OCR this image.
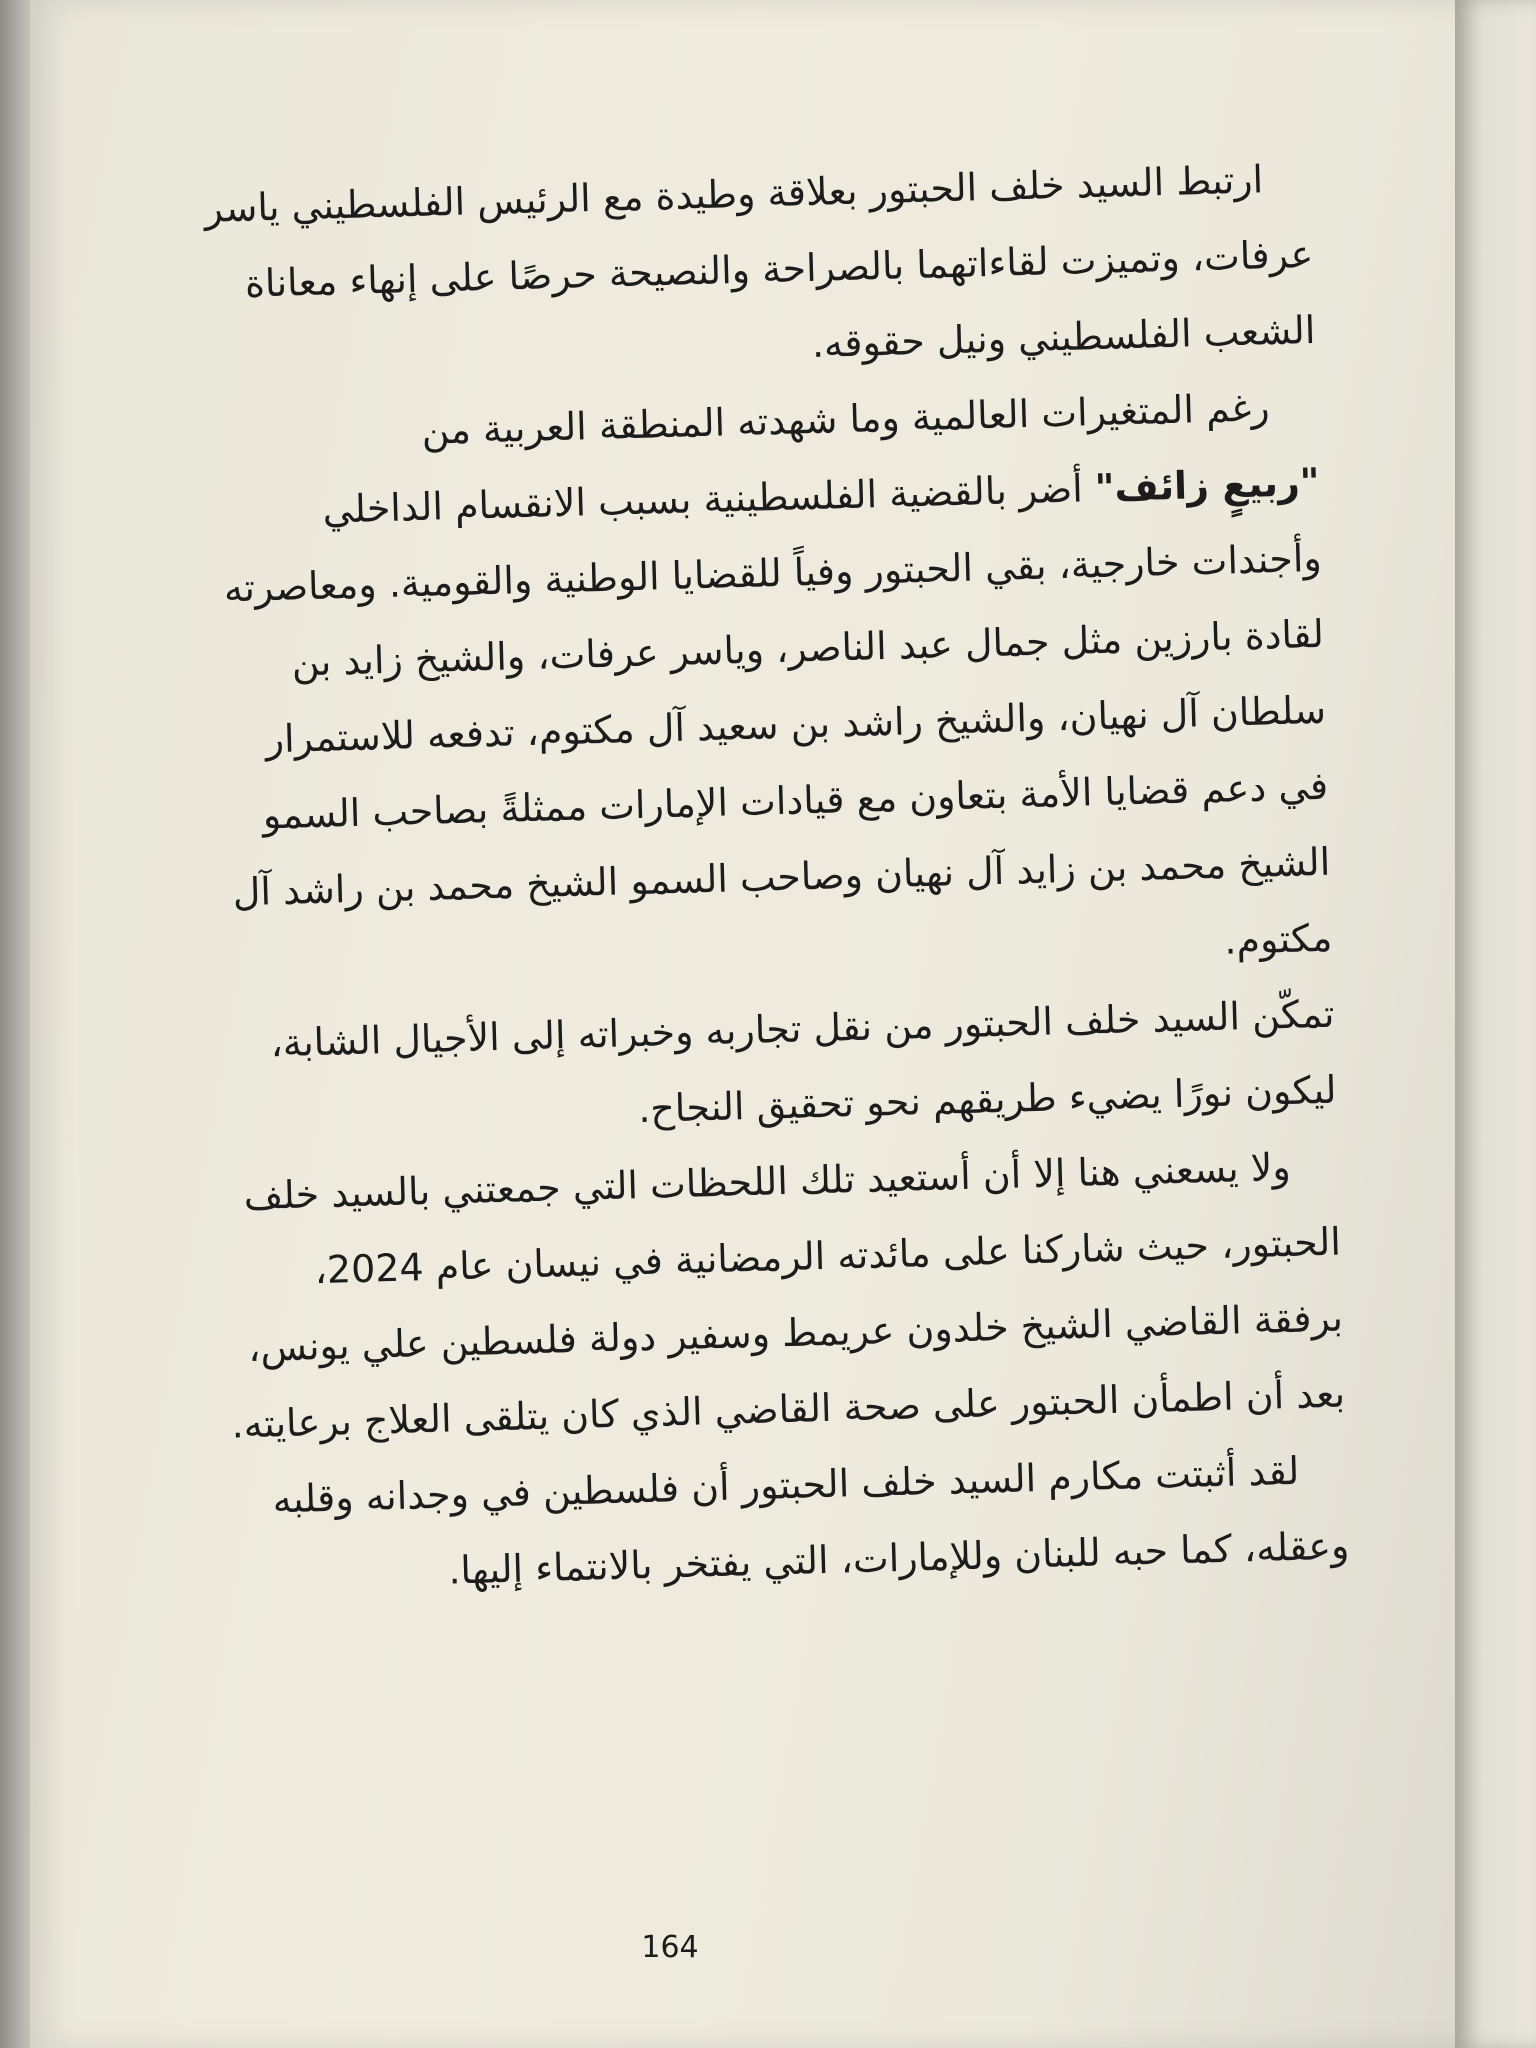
ارتبط السيد خلف الحبتور بعلاقة وطيدة مع الرئيس الفلسطيني ياسر عرفات، وتميزت لقاءاتهما بالصراحة والنصيحة حرصًا على إنهاء معاناة الشعب الفلسطيني ونيل حقوقه.

رغم المتغيرات العالمية وما شهدته المنطقة العربية من
"ربيعٍ زائف" أضر بالقضية الفلسطينية بسبب الانقسام الداخلي وأجندات خارجية، بقي الحبتور وفياً للقضايا الوطنية والقومية. ومعاصرته لقادة بارزين مثل جمال عبد الناصر، وياسر عرفات، والشيخ زايد بن سلطان آل نهيان، والشيخ راشد بن سعيد آل مكتوم، تدفعه للاستمرار في دعم قضايا الأمة بتعاون مع قيادات الإمارات ممثلةً بصاحب السمو الشيخ محمد بن زايد آل نهيان وصاحب السمو الشيخ محمد بن راشد آل مكتوم.

تمكّن السيد خلف الحبتور من نقل تجاربه وخبراته إلى الأجيال الشابة، ليكون نورًا يضيء طريقهم نحو تحقيق النجاح.

ولا يسعني هنا إلا أن أستعيد تلك اللحظات التي جمعتني بالسيد خلف الحبتور، حيث شاركنا على مائدته الرمضانية في نيسان عام 2024، برفقة القاضي الشيخ خلدون عريمط وسفير دولة فلسطين علي يونس، بعد أن اطمأن الحبتور على صحة القاضي الذي كان يتلقى العلاج برعايته.

لقد أثبتت مكارم السيد خلف الحبتور أن فلسطين في وجدانه وقلبه وعقله، كما حبه للبنان وللإمارات، التي يفتخر بالانتماء إليها.

164
